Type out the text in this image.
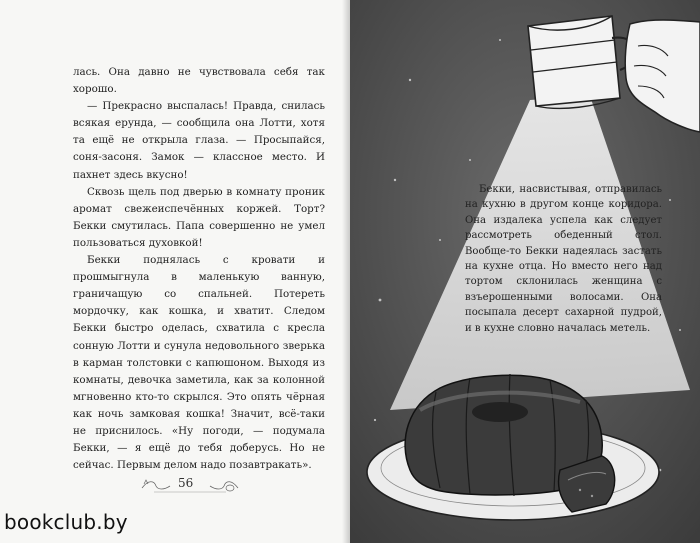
лась. Она давно не чувствовала себя так хорошо.

— Прекрасно выспалась! Правда, снилась всякая ерунда, — сообщила она Лотти, хотя та ещё не открыла глаза. — Просыпайся, соня-засоня. Замок — классное место. И пахнет здесь вкусно!

Сквозь щель под дверью в комнату проник аромат свежеиспечённых коржей. Торт? Бекки смутилась. Папа совершенно не умел пользоваться духовкой!

Бекки поднялась с кровати и прошмыгнула в маленькую ванную, граничащую со спальней. Потереть мордочку, как кошка, и хватит. Следом Бекки быстро оделась, схватила с кресла сонную Лотти и сунула недовольного зверька в карман толстовки с капюшоном. Выходя из комнаты, девочка заметила, как за колонной мгновенно кто-то скрылся. Это опять чёрная как ночь замковая кошка! Значит, всё-таки не приснилось. «Ну погоди, — подумала Бекки, — я ещё до тебя доберусь. Но не сейчас. Первым делом надо позавтракать».

56
bookclub.by

Бекки, насвистывая, отправилась на кухню в другом конце коридора. Она издалека успела как следует рассмотреть обеденный стол. Вообще-то Бекки надеялась застать на кухне отца. Но вместо него над тортом склонилась женщина с взъерошенными волосами. Она посыпала десерт сахарной пудрой, и в кухне словно началась метель.
